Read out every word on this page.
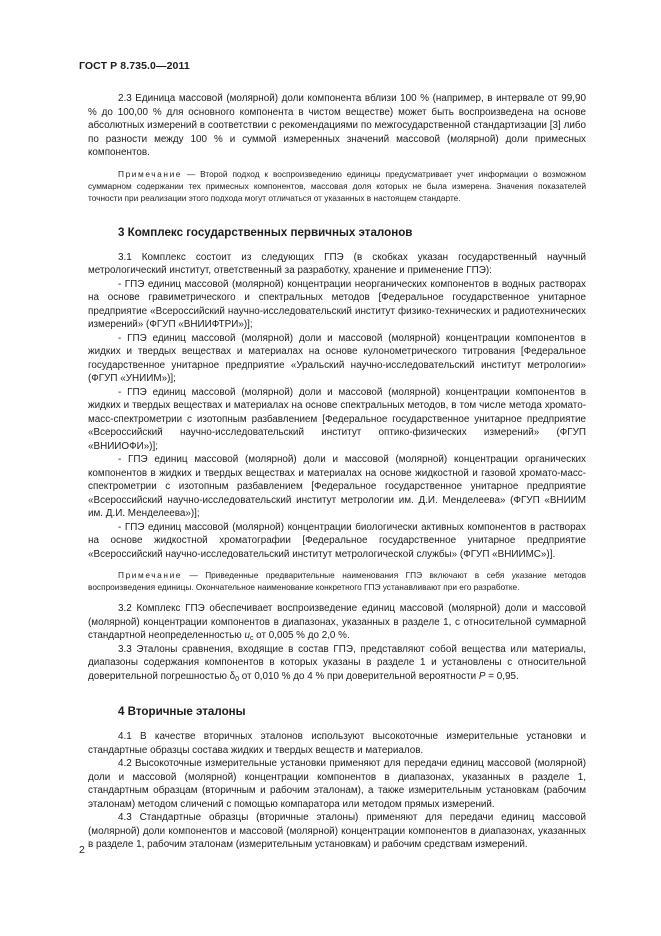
ГОСТ Р 8.735.0—2011

2.3 Единица массовой (молярной) доли компонента вблизи 100 % (например, в интервале от 99,90 % до 100,00 % для основного компонента в чистом веществе) может быть воспроизведена на основе абсолютных измерений в соответствии с рекомендациями по межгосударственной стандартизации [3] либо по разности между 100 % и суммой измеренных значений массовой (молярной) доли примесных компонентов.

Примечание — Второй подход к воспроизведению единицы предусматривает учет информации о возможном суммарном содержании тех примесных компонентов, массовая доля которых не была измерена. Значения показателей точности при реализации этого подхода могут отличаться от указанных в настоящем стандарте.

3 Комплекс государственных первичных эталонов

3.1 Комплекс состоит из следующих ГПЭ (в скобках указан государственный научный метрологический институт, ответственный за разработку, хранение и применение ГПЭ):

- ГПЭ единиц массовой (молярной) концентрации неорганических компонентов в водных растворах на основе гравиметрического и спектральных методов [Федеральное государственное унитарное предприятие «Всероссийский научно-исследовательский институт физико-технических и радиотехнических измерений» (ФГУП «ВНИИФТРИ»)];

- ГПЭ единиц массовой (молярной) доли и массовой (молярной) концентрации компонентов в жидких и твердых веществах и материалах на основе кулонометрического титрования [Федеральное государственное унитарное предприятие «Уральский научно-исследовательский институт метрологии» (ФГУП «УНИИМ»)];

- ГПЭ единиц массовой (молярной) доли и массовой (молярной) концентрации компонентов в жидких и твердых веществах и материалах на основе спектральных методов, в том числе метода хромато-масс-спектрометрии с изотопным разбавлением [Федеральное государственное унитарное предприятие «Всероссийский научно-исследовательский институт оптико-физических измерений» (ФГУП «ВНИИОФИ»)];

- ГПЭ единиц массовой (молярной) доли и массовой (молярной) концентрации органических компонентов в жидких и твердых веществах и материалах на основе жидкостной и газовой хромато-масс-спектрометрии с изотопным разбавлением [Федеральное государственное унитарное предприятие «Всероссийский научно-исследовательский институт метрологии им. Д.И. Менделеева» (ФГУП «ВНИИМ им. Д.И. Менделеева»)];

- ГПЭ единиц массовой (молярной) концентрации биологически активных компонентов в растворах на основе жидкостной хроматографии [Федеральное государственное унитарное предприятие «Всероссийский научно-исследовательский институт метрологической службы» (ФГУП «ВНИИМС»)].

Примечание — Приведенные предварительные наименования ГПЭ включают в себя указание методов воспроизведения единицы. Окончательное наименование конкретного ГПЭ устанавливают при его разработке.

3.2 Комплекс ГПЭ обеспечивает воспроизведение единиц массовой (молярной) доли и массовой (молярной) концентрации компонентов в диапазонах, указанных в разделе 1, с относительной суммарной стандартной неопределенностью $u_c$ от 0,005 % до 2,0 %.

3.3 Эталоны сравнения, входящие в состав ГПЭ, представляют собой вещества или материалы, диапазоны содержания компонентов в которых указаны в разделе 1 и установлены с относительной доверительной погрешностью $\delta_0$ от 0,010 % до 4 % при доверительной вероятности P = 0,95.

4 Вторичные эталоны

4.1 В качестве вторичных эталонов используют высокоточные измерительные установки и стандартные образцы состава жидких и твердых веществ и материалов.

4.2 Высокоточные измерительные установки применяют для передачи единиц массовой (молярной) доли и массовой (молярной) концентрации компонентов в диапазонах, указанных в разделе 1, стандартным образцам (вторичным и рабочим эталонам), а также измерительным установкам (рабочим эталонам) методом сличений с помощью компаратора или методом прямых измерений.

4.3 Стандартные образцы (вторичные эталоны) применяют для передачи единиц массовой (молярной) доли компонентов и массовой (молярной) концентрации компонентов в диапазонах, указанных в разделе 1, рабочим эталонам (измерительным установкам) и рабочим средствам измерений.

2
